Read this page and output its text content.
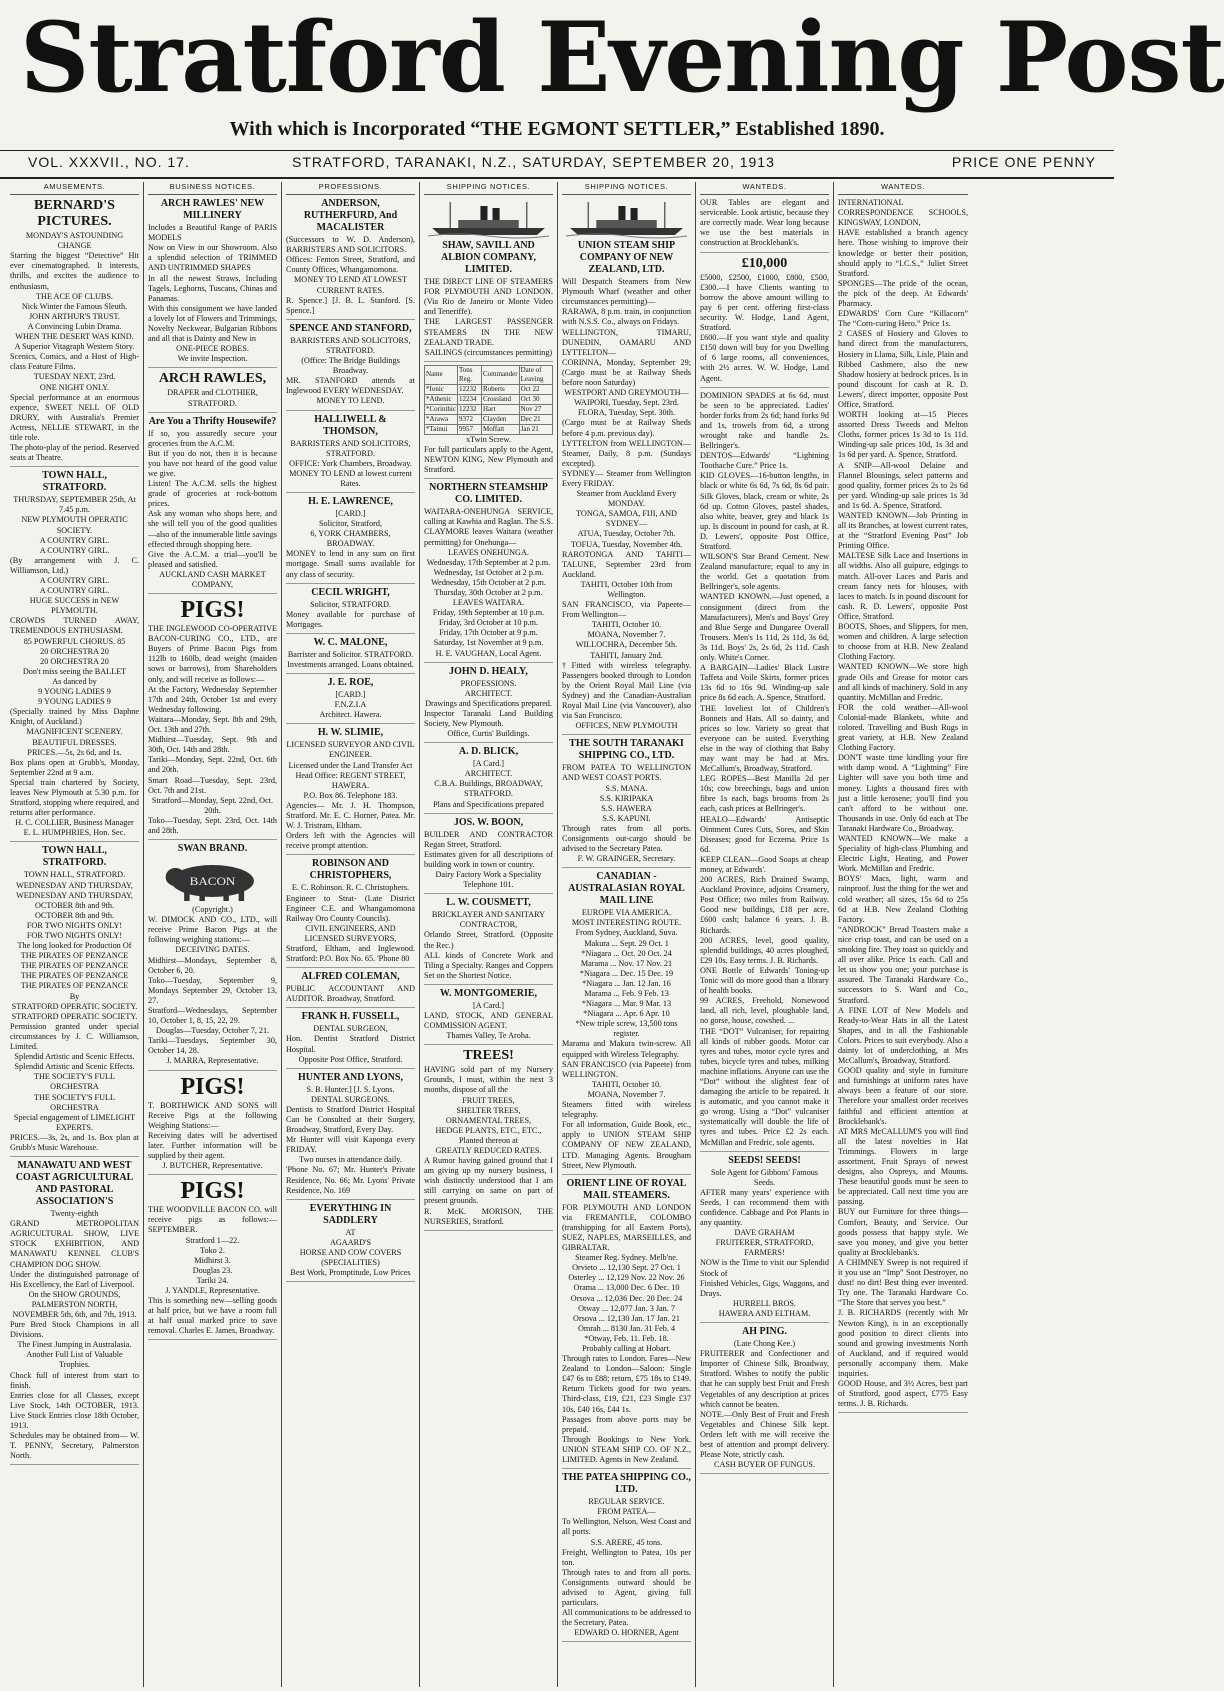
Stratford Evening Post
With which is Incorporated “THE EGMONT SETTLER,” Established 1890.
VOL. XXXVII., NO. 17.	STRATFORD, TARANAKI, N.Z., SATURDAY, SEPTEMBER 20, 1913	PRICE ONE PENNY
AMUSEMENTS.
BERNARD'S PICTURES.

MONDAY'S ASTOUNDING CHANGE

Starring the biggest “Detective” Hit ever cinematographed. It interests, thrills, and excites the audience to enthusiasm,

THE ACE OF CLUBS.

Nick Winter the Famous Sleuth.

JOHN ARTHUR'S TRUST.

A Convincing Lubin Drama.

WHEN THE DESERT WAS KIND.

A Superior Vitagraph Western Story.

Scenics, Comics, and a Host of High-class Feature Films.

TUESDAY NEXT, 23rd.

ONE NIGHT ONLY.

Special performance at an enormous expence, SWEET NELL OF OLD DRURY, with Australia's Premier Actress, NELLIE STEWART, in the title role.

The photo-play of the period. Reserved seats at Theatre.

TOWN HALL, STRATFORD.

THURSDAY, SEPTEMBER 25th, At 7.45 p.m.

NEW PLYMOUTH OPERATIC SOCIETY.

A COUNTRY GIRL.

A COUNTRY GIRL.

(By arrangement with J. C. Williamson, Ltd.)

A COUNTRY GIRL.

A COUNTRY GIRL.

HUGE SUCCESS in NEW PLYMOUTH.

CROWDS TURNED AWAY, TREMENDOUS ENTHUSIASM.

85 POWERFUL CHORUS. 85

20 ORCHESTRA 20

20 ORCHESTRA 20

Don't miss seeing the BALLET

As danced by

9 YOUNG LADIES 9

9 YOUNG LADIES 9

(Specially trained by Miss Daphne Knight, of Auckland.)

MAGNIFICENT SCENERY.

BEAUTIFUL DRESSES.

PRICES.—5s, 2s 6d, and 1s.

Box plans open at Grubb's, Monday, September 22nd at 9 a.m.

Special train chartered by Society, leaves New Plymouth at 5.30 p.m. for Stratford, stopping where required, and returns after performance.

H. C. COLLIER, Business Manager

E. L. HUMPHRIES, Hon. Sec.

TOWN HALL, STRATFORD.

TOWN HALL, STRATFORD.

WEDNESDAY AND THURSDAY,

WEDNESDAY AND THURSDAY,

OCTOBER 8th and 9th.

OCTOBER 8th and 9th.

FOR TWO NIGHTS ONLY!

FOR TWO NIGHTS ONLY!

The long looked for Production Of

THE PIRATES OF PENZANCE

THE PIRATES OF PENZANCE

THE PIRATES OF PENZANCE

THE PIRATES OF PENZANCE

By

STRATFORD OPERATIC SOCIETY.

STRATFORD OPERATIC SOCIETY.

Permission granted under special circumstances by J. C. Williamson, Limited.

Splendid Artistic and Scenic Effects.

Splendid Artistic and Scenic Effects.

THE SOCIETY'S FULL ORCHESTRA

THE SOCIETY'S FULL ORCHESTRA

Special engagement of LIMELIGHT EXPERTS.

PRICES.—3s, 2s, and 1s. Box plan at Grubb's Music Warehouse.

MANAWATU AND WEST COAST AGRICULTURAL AND PASTORAL ASSOCIATION'S

Twenty-eighth

GRAND METROPOLITAN AGRICULTURAL SHOW, LIVE STOCK EXHIBITION, AND MANAWATU KENNEL CLUB'S CHAMPION DOG SHOW.

Under the distinguished patronage of His Excellency, the Earl of Liverpool.

On the SHOW GROUNDS, PALMERSTON NORTH,

NOVEMBER 5th, 6th, and 7th, 1913.

Pure Bred Stock Champions in all Divisions.

The Finest Jumping in Australasia.

Another Full List of Valuable Trophies.

Chock full of interest from start to finish.

Entries close for all Classes, except Live Stock, 14th OCTOBER, 1913. Live Stock Entries close 18th October, 1913.

Schedules may be obtained from— W. T. PENNY, Secretary, Palmerston North.

BUSINESS NOTICES.
ARCH RAWLES' NEW MILLINERY

Includes a Beautiful Range of PARIS MODELS

Now on View in our Showroom. Also a splendid selection of TRIMMED AND UNTRIMMED SHAPES

In all the newest Straws, Including Tagels, Leghorns, Tuscans, Chinas and Panamas.

With this consignment we have landed a lovely lot of Flowers and Trimmings, Novelty Neckwear, Bulgarian Ribbons and all that is Dainty and New in

ONE-PIECE ROBES.

We invite Inspection.

ARCH RAWLES,

DRAPER and CLOTHIER, STRATFORD.

Are You a Thrifty Housewife?

If so, you assuredly secure your groceries from the A.C.M.

But if you do not, then it is because you have not heard of the good value we give.

Listen! The A.C.M. sells the highest grade of groceries at rock-bottom prices.

Ask any woman who shops here, and she will tell you of the good qualities—also of the innumerable little savings effected through shopping here.

Give the A.C.M. a trial—you'll be pleased and satisfied.

AUCKLAND CASH MARKET COMPANY,

PIGS!

THE INGLEWOOD CO-OPERATIVE BACON-CURING CO., LTD., are Buyers of Prime Bacon Pigs from 112lb to 160lb, dead weight (maiden sows or barrows), from Shareholders only, and will receive as follows:—

At the Factory, Wednesday September 17th and 24th, October 1st and every Wednesday following.

Waitara—Monday, Sept. 8th and 29th, Oct. 13th and 27th.

Midhirst—Tuesday, Sept. 9th and 30th, Oct. 14th and 28th.

Tariki—Monday, Sept. 22nd, Oct. 6th and 20th.

Smart Road—Tuesday, Sept. 23rd, Oct. 7th and 21st.

Stratford—Monday, Sept. 22nd, Oct. 20th.

Toko—Tuesday, Sept. 23rd, Oct. 14th and 28th.

SWAN BRAND.
BACON

(Copyright.)

W. DIMOCK AND CO., LTD., will receive Prime Bacon Pigs at the following weighing stations:—

DECEIVING DATES.

Midhirst—Mondays, September 8, October 6, 20.

Toko—Tuesday, September 9, Mondays September 29, October 13, 27.

Stratford—Wednesdays, September 10, October 1, 8, 15, 22, 29.

Douglas—Tuesday, October 7, 21.

Tariki—Tuesdays, September 30, October 14, 28.

J. MARRA, Representative.

PIGS!

T. BORTHWICK AND SONS will Receive Pigs at the following Weighing Stations:—

Receiving dates will be advertised later. Further information will be supplied by their agent.

J. BUTCHER, Representative.

PIGS!

THE WOODVILLE BACON CO. will receive pigs as follows:— SEPTEMBER.

Stratford 1—22.

Toko 2.

Midhirst 3.

Douglas 23.

Tariki 24.

J. YANDLE, Representative.

This is something new—selling goods at half price, but we have a room full at half usual marked price to save removal. Charles E. James, Broadway.

PROFESSIONS.
ANDERSON, RUTHERFURD, And MACALISTER

(Successors to W. D. Anderson), BARRISTERS AND SOLICITORS.

Offices: Fenton Street, Stratford, and County Offices, Whangamomona.

MONEY TO LEND AT LOWEST CURRENT RATES.

R. Spence.] [J. B. L. Stanford. [S. Spence.]

SPENCE AND STANFORD,

BARRISTERS AND SOLICITORS, STRATFORD.

(Office: The Bridge Buildings Broadway.

MR. STANFORD attends at Inglewood EVERY WEDNESDAY.

MONEY TO LEND.

HALLIWELL & THOMSON,

BARRISTERS AND SOLICITORS, STRATFORD.

OFFICE: York Chambers, Broadway.

MONEY TO LEND at lowest current Rates.

H. E. LAWRENCE,

[CARD.]

Solicitor, Stratford,

6, YORK CHAMBERS, BROADWAY.

MONEY to lend in any sum on first mortgage. Small sums available for any class of security.

CECIL WRIGHT,

Solicitor, STRATFORD.

Money available for purchase of Mortgages.

W. C. MALONE,

Barrister and Solicitor. STRATFORD.

Investments arranged. Loans obtained.

J. E. ROE,

[CARD.]

F.N.Z.I.A

Architect. Hawera.

H. W. SLIMIE,

LICENSED SURVEYOR AND CIVIL ENGINEER.

Licensed under the Land Transfer Act

Head Office: REGENT STREET, HAWERA.

P.O. Box 86. Telephone 183.

Agencies— Mr. J. H. Thompson, Stratford. Mr. E. C. Horner, Patea. Mr. W. J. Tristram, Eltham.

Orders left with the Agencies will receive prompt attention.

ROBINSON AND CHRISTOPHERS,

E. C. Robinson. R. C. Christophers.

Engineer to Strat- (Late District Engineer C.E. and Whangamomona Railway Oro County Councils).

CIVIL ENGINEERS, AND LICENSED SURVEYORS,

Stratford, Eltham, and Inglewood. Stratford: P.O. Box No. 65. 'Phone 80

ALFRED COLEMAN,

PUBLIC ACCOUNTANT AND AUDITOR. Broadway, Stratford.

FRANK H. FUSSELL,

DENTAL SURGEON,

Hon. Dentist Stratford District Hospital.

Opposite Post Office, Stratford.

HUNTER AND LYONS,

S. B. Hunter.] [J. S. Lyons.

DENTAL SURGEONS.

Dentists to Stratford District Hospital Can be Consulted at their Surgery, Broadway, Stratford, Every Day.

Mr Hunter will visit Kaponga every FRIDAY.

Two nurses in attendance daily.

'Phone No. 67; Mr. Hunter's Private Residence, No. 66; Mr. Lyons' Private Residence, No. 169

EVERYTHING IN SADDLERY

AT

AGAARD'S

HORSE AND COW COVERS (SPECIALITIES)

Best Work, Promptitude, Low Prices

SHIPPING NOTICES.
SHAW, SAVILL AND ALBION COMPANY, LIMITED.

THE DIRECT LINE OF STEAMERS FOR PLYMOUTH AND LONDON. (Via Rio de Janeiro or Monte Video and Teneriffe).

THE LARGEST PASSENGER STEAMERS IN THE NEW ZEALAND TRADE.

SAILINGS (circumstances permitting)

Name	Tons Reg.	Commander	Date of Leaving
*Ionic	12232	Roberts	Oct 22
*Athenic	12234	Crossland	Oct 30
*Corinthic	12232	Hart	Nov 27
*Arawa	9372	Clayden	Dec 21
*Tainui	9957	Moffatt	Jan 21

xTwin Screw.

For full particulars apply to the Agent, NEWTON KING, New Plymouth and Stratford.

NORTHERN STEAMSHIP CO. LIMITED.

WAITARA-ONEHUNGA SERVICE, calling at Kawhia and Raglan. The S.S. CLAYMORE leaves Waitara (weather permitting) for Onehunga—

LEAVES ONEHUNGA.

Wednesday, 17th September at 2 p.m.

Wednesday, 1st October at 2 p.m.

Wednesday, 15th October at 2 p.m.

Thursday, 30th October at 2 p.m.

LEAVES WAITARA.

Friday, 19th September at 10 p.m.

Friday, 3rd October at 10 p.m.

Friday, 17th October at 9 p.m.

Saturday, 1st November at 9 p.m.

H. E. VAUGHAN, Local Agent.

JOHN D. HEALY,

PROFESSIONS.

ARCHITECT.

Drawings and Specifications prepared.

Inspector Taranaki Land Building Society, New Plymouth.

Office, Curtis' Buildings.

A. D. BLICK,

[A Card.]

ARCHITECT.

C.B.A. Buildings, BROADWAY, STRATFORD.

Plans and Specifications prepared

JOS. W. BOON,

BUILDER AND CONTRACTOR Regan Street, Stratford.

Estimates given for all descriptions of building work in town or country.

Dairy Factory Work a Speciality

Telephone 101.

L. W. COUSMETT,

BRICKLAYER AND SANITARY CONTRACTOR,

Orlando Street, Stratford. (Opposite the Rec.)

ALL kinds of Concrete Work and Tiling a Specialty. Ranges and Coppers Set on the Shortest Notice.

W. MONTGOMERIE,

[A Card.]

LAND, STOCK, AND GENERAL COMMISSION AGENT.

Thames Valley, Te Aroha.

TREES!

HAVING sold part of my Nursery Grounds, I must, within the next 3 months, dispose of all the

FRUIT TREES,

SHELTER TREES,

ORNAMENTAL TREES,

HEDGE PLANTS, ETC., ETC.,

Planted thereon at

GREATLY REDUCED RATES.

A Rumor having gained ground that I am giving up my nursery business, I wish distinctly understood that I am still carrying on same on part of present grounds.

R. McK. MORISON, THE NURSERIES, Stratford.

SHIPPING NOTICES.
UNION STEAM SHIP COMPANY OF NEW ZEALAND, LTD.

Will Despatch Steamers from New Plymouth Wharf (weather and other circumstances permitting)—

RARAWA, 8 p.m. train, in conjunction with N.S.S. Co., always on Fridays.

WELLINGTON, TIMARU, DUNEDIN, OAMARU AND LYTTELTON—

CORINNA, Monday, September 29; (Cargo must be at Railway Sheds before noon Saturday)

WESTPORT AND GREYMOUTH—

WAIPORI, Tuesday, Sept. 23rd.

FLORA, Tuesday, Sept. 30th.

(Cargo must be at Railway Sheds before 4 p.m. previous day).

LYTTELTON from WELLINGTON—Steamer, Daily, 8 p.m. (Sundays excepted).

SYDNEY— Steamer from Wellington Every FRIDAY.

Steamer from Auckland Every MONDAY.

TONGA, SAMOA, FIJI, AND SYDNEY—

ATUA, Tuesday, October 7th.

TOFUA, Tuesday, November 4th.

RAROTONGA AND TAHITI— TALUNE, September 23rd from Auckland.

TAHITI, October 10th from Wellington.

SAN FRANCISCO, via Papeete— From Wellington—

TAHITI, October 10.

MOANA, November 7.

WILLOCHRA, December 5th.

TAHITI, January 2nd.

†Fitted with wireless telegraphy. Passengers booked through to London by the Orient Royal Mail Line (via Sydney) and the Canadian-Australian Royal Mail Line (via Vancouver), also via San Francisco.

OFFICES, NEW PLYMOUTH

THE SOUTH TARANAKI SHIPPING CO., LTD.

FROM PATEA TO WELLINGTON AND WEST COAST PORTS.

S.S. MANA.

S.S. KIRIPAKA

S.S. HAWERA

S.S. KAPUNI.

Through rates from all ports. Consignments out-cargo should be advised to the Secretary Patea.

F. W. GRAINGER, Secretary.

CANADIAN - AUSTRALASIAN ROYAL MAIL LINE

EUROPE VIA AMERICA.

MOST INTERESTING ROUTE.

From Sydney, Auckland, Suva.

Makura ... Sept. 29 Oct. 1

*Niagara ... Oct. 20 Oct. 24

Marama ... Nov. 17 Nov. 21

*Niagara ... Dec. 15 Dec. 19

*Niagara ... Jan. 12 Jan. 16

Marama ... Feb. 9 Feb. 13

*Niagara ... Mar. 9 Mar. 13

*Niagara ... Apr. 6 Apr. 10

*New triple screw, 13,500 tons register.

Marama and Makura twin-screw. All equipped with Wireless Telegraphy.

SAN FRANCISCO (via Papeete) from WELLINGTON.

TAHITI, October 10.

MOANA, November 7.

Steamers fitted with wireless telegraphy.

For all information, Guide Book, etc., apply to UNION STEAM SHIP COMPANY OF NEW ZEALAND, LTD. Managing Agents. Brougham Street, New Plymouth.

ORIENT LINE OF ROYAL MAIL STEAMERS.

FOR PLYMOUTH AND LONDON via FREMANTLE, COLOMBO (transhipping for all Eastern Ports), SUEZ, NAPLES, MARSEILLES, and GIBRALTAR.

Steamer Reg. Sydney. Melb'ne.

Orvieto ... 12,130 Sept. 27 Oct. 1

Osterley ... 12,129 Nov. 22 Nov. 26

Orama ... 13,000 Dec. 6 Dec. 10

Orsova ... 12,036 Dec. 20 Dec. 24

Otway ... 12,077 Jan. 3 Jan. 7

Orsova ... 12,130 Jan. 17 Jan. 21

Omrah ... 8130 Jan. 31 Feb. 4

*Otway, Feb. 11. Feb. 18.

Probably calling at Hobart.

Through rates to London. Fares—New Zealand to London—Saloon: Single £47 6s to £88; return, £75 18s to £149. Return Tickets good for two years. Third-class, £19, £21, £23 Single £37 10s, £40 16s, £44 1s.

Passages from above ports may be prepaid.

Through Bookings to New York. UNION STEAM SHIP CO. OF N.Z., LIMITED. Agents in New Zealand.

THE PATEA SHIPPING CO., LTD.

REGULAR SERVICE.

FROM PATEA—

To Wellington, Nelson, West Coast and all ports.

S.S. ARERE, 45 tons.

Freight, Wellington to Patea, 10s per ton.

Through rates to and from all ports. Consignments outward should be advised to Agent, giving full particulars.

All communications to be addressed to the Secretary, Patea.

EDWARD O. HORNER, Agent

WANTEDS.

OUR Tables are elegant and serviceable. Look artistic, because they are correctly made. Wear long because we use the best materials in construction at Brocklebank's.

£10,000

£5000, £2500, £1000, £800, £500, £300.—I have Clients wanting to borrow the above amount willing to pay 6 per cent. offering first-class security. W. Hodge, Land Agent, Stratford.

£600.—If you want style and quality £150 down will buy for you Dwelling of 6 large rooms, all conveniences, with 2½ acres. W. W. Hodge, Land Agent.

DOMINION SPADES at 6s 6d, must be seen to be appreciated. Ladies' border forks from 2s 6d; hand forks 9d and 1s, trowels from 6d, a strong wrought rake and handle 2s. Bellringer's.

DENTOS—Edwards' “Lightning Toothache Cure.” Price 1s.

KID GLOVES—16-button lengths, in black or white 6s 6d, 7s 6d, 8s 6d pair. Silk Gloves, black, cream or white, 2s 6d up. Cotton Gloves, pastel shades, also white, beaver, grey and black 1s up. Is discount in pound for cash, at R. D. Lewers', opposite Post Office, Stratford.

WILSON'S Star Brand Cement. New Zealand manufacture; equal to any in the world. Get a quotation from Bellringer's, sole agents.

WANTED KNOWN.—Just opened, a consignment (direct from the Manufacturers), Men's and Boys' Grey and Blue Serge and Dungaree Overall Trousers. Men's 1s 11d, 2s 11d, 3s 6d, 3s 11d. Boys' 2s, 2s 6d, 2s 11d. Cash only. White's Corner.

A BARGAIN—Ladies' Black Lustre Taffeta and Voile Skirts, former prices 13s 6d to 16s 9d. Winding-up sale price 8s 6d each. A. Spence, Stratford.

THE loveliest lot of Children's Bonnets and Hats. All so dainty, and prices so low. Variety so great that everyone can be suited. Everything else in the way of clothing that Baby may want may be had at Mrs. McCallum's, Broadway, Stratford.

LEG ROPES—Best Manilla 2d per 10s; cow breechings, bags and union fibre 1s each, bags brooms from 2s each, cash prices at Bellringer's.

HEALO—Edwards' Antiseptic Ointment Cures Cuts, Sores, and Skin Diseases; good for Eczema. Price 1s 6d.

KEEP CLEAN—Good Soaps at cheap money, at Edwards'.

200 ACRES, Rich Drained Swamp, Auckland Province, adjoins Creamery, Post Office; two miles from Railway. Good new buildings, £18 per acre, £600 cash; balance 6 years. J. B. Richards.

200 ACRES, level, good quality, splendid buildings, 40 acres ploughed, £29 10s. Easy terms. J. B. Richards.

ONE Bottle of Edwards' Toning-up Tonic will do more good than a library of health books.

99 ACRES, Freehold, Norsewood land, all rich, level, ploughable land, no gorse, house, cowshed. ...

THE “DOT” Vulcaniser, for repairing all kinds of rubber goods. Motor car tyres and tubes, motor cycle tyres and tubes, bicycle tyres and tubes, milking machine inflations. Anyone can use the “Dot” without the slightest fear of damaging the article to be repaired. It is automatic, and you cannot make it go wrong. Using a “Dot” vulcaniser systematically will double the life of tyres and tubes. Price £2 2s each. McMillan and Fredric, sole agents.

SEEDS! SEEDS!

Sole Agent for Gibbons' Famous Seeds.

AFTER many years' experience with Seeds, I can recommend them with confidence. Cabbage and Pot Plants in any quantity.

DAVE GRAHAM

FRUITERER, STRATFORD,

FARMERS!

NOW is the Time to visit our Splendid Stock of

Finished Vehicles, Gigs, Waggons, and Drays.

HURRELL BROS.

HAWERA AND ELTHAM.

AH PING.

(Late Chong Kee.)

FRUITERER and Confectioner and Importer of Chinese Silk, Broadway, Stratford. Wishes to notify the public that he can supply best Fruit and Fresh Vegetables of any description at prices which cannot be beaten.

NOTE.—Only Best of Fruit and Fresh Vegetables and Chinese Silk kept. Orders left with me will receive the best of attention and prompt delivery. Please Note, strictly cash.

CASH BUYER OF FUNGUS.

WANTEDS.

INTERNATIONAL CORRESPONDENCE SCHOOLS, KINGSWAY, LONDON,

HAVE established a branch agency here. Those wishing to improve their knowledge or better their position, should apply to “I.C.S.,” Juliet Street Stratford.

SPONGES—The pride of the ocean, the pick of the deep. At Edwards' Pharmacy.

EDWARDS' Corn Cure “Killacorn” The “Corn-curing Hero.” Price 1s.

2 CASES of Hosiery and Gloves to hand direct from the manufacturers, Hosiery in Llama, Silk, Lisle, Plain and Ribbed Cashmere, also the new Shadow hosiery at bedrock prices. Is in pound discount for cash at R. D. Lewers', direct importer, opposite Post Office, Stratford.

WORTH looking at—15 Pieces assorted Dress Tweeds and Melton Cloths, former prices 1s 3d to 1s 11d. Winding-up sale prices 10d, 1s 3d and 1s 6d per yard. A. Spence, Stratford.

A SNIP—All-wool Delaine and Flannel Blousings, select patterns and good quality, former prices 2s to 2s 6d per yard. Winding-up sale prices 1s 3d and 1s 6d. A. Spence, Stratford.

WANTED KNOWN—Job Printing in all its Branches, at lowest current rates, at the “Stratford Evening Post” Job Printing Office.

MALTESE Silk Lace and Insertions in all widths. Also all guipure, edgings to match. All-over Laces and Paris and cream fancy nets for blouses, with laces to match. Is in pound discount for cash. R. D. Lewers', opposite Post Office, Stratford.

BOOTS, Shoes, and Slippers, for men, women and children. A large selection to choose from at H.B. New Zealand Clothing Factory.

WANTED KNOWN—We store high grade Oils and Grease for motor cars and all kinds of machinery. Sold in any quantity. McMillan and Fredric.

FOR the cold weather—All-wool Colonial-made Blankets, white and colored. Travelling and Bush Rugs in great variety, at H.B. New Zealand Clothing Factory.

DON'T waste time kindling your fire with damp wood. A “Lightning” Fire Lighter will save you both time and money. Lights a thousand fires with just a little kerosene; you'll find you can't afford to be without one. Thousands in use. Only 6d each at The Taranaki Hardware Co., Broadway.

WANTED KNOWN—We make a Speciality of high-class Plumbing and Electric Light, Heating, and Power Work. McMillan and Fredric.

BOYS' Macs, light, warm and rainproof. Just the thing for the wet and cold weather; all sizes, 15s 6d to 25s 6d at H.B. New Zealand Clothing Factory.

“ANDROCK” Bread Toasters make a nice crisp toast, and can be used on a smoking fire. They toast so quickly and all over alike. Price 1s each. Call and let us show you one; your purchase is assured. The Taranaki Hardware Co., successors to S. Ward and Co., Stratford.

A FINE LOT of New Models and Ready-to-Wear Hats in all the Latest Shapes, and in all the Fashionable Colors. Prices to suit everybody. Also a dainty lot of underclothing, at Mrs McCallum's, Broadway, Stratford.

GOOD quality and style in furniture and furnishings at uniform rates have always been a feature of our store. Therefore your smallest order receives faithful and efficient attention at Brocklebank's.

AT MRS McCALLUM'S you will find all the latest novelties in Hat Trimmings. Flowers in large assortment. Fruit Sprays of newest designs, also Ospreys, and Mounts. These beautiful goods must be seen to be appreciated. Call next time you are passing.

BUY our Furniture for three things—Comfort, Beauty, and Service. Our goods possess that happy style. We save you money, and give you better quality at Brocklebank's.

A CHIMNEY Sweep is not required if it you use an “Imp” Soot Destroyer, no dust! no dirt! Best thing ever invented. Try one. The Taranaki Hardware Co. “The Store that serves you best.”

J. B. RICHARDS (recently with Mr Newton King), is in an exceptionally good position to direct clients into sound and growing investments North of Auckland, and if required would personally accompany them. Make inquiries.

GOOD House, and 3½ Acres, best part of Stratford, good aspect, £775 Easy terms. J. B. Richards.
